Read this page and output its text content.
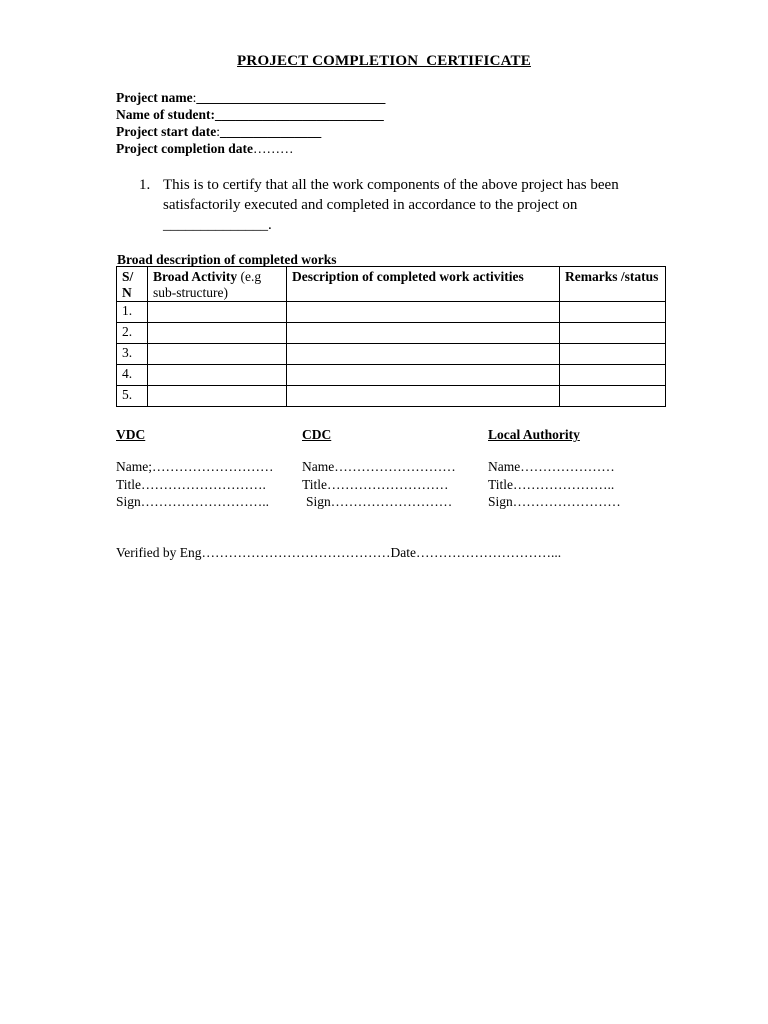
PROJECT COMPLETION  CERTIFICATE
Project name:____________________________
Name of student:_________________________
Project start date:_______________
Project completion date………
1. This is to certify that all the work components of the above project has been satisfactorily executed and completed in accordance to the project on ______________.
Broad description of completed works
S/ N	Broad Activity (e.g sub-structure)	Description of completed work activities	Remarks /status
1.			
2.			
3.			
4.			
5.			
VDC	CDC	Local Authority
Name;……………………… Name……………………… Name…………………
Title……………………….	Title………………………	Title…………………..
Sign………………………..	Sign………………………	Sign……………………
Verified by Eng……………………………………Date…………………………...
